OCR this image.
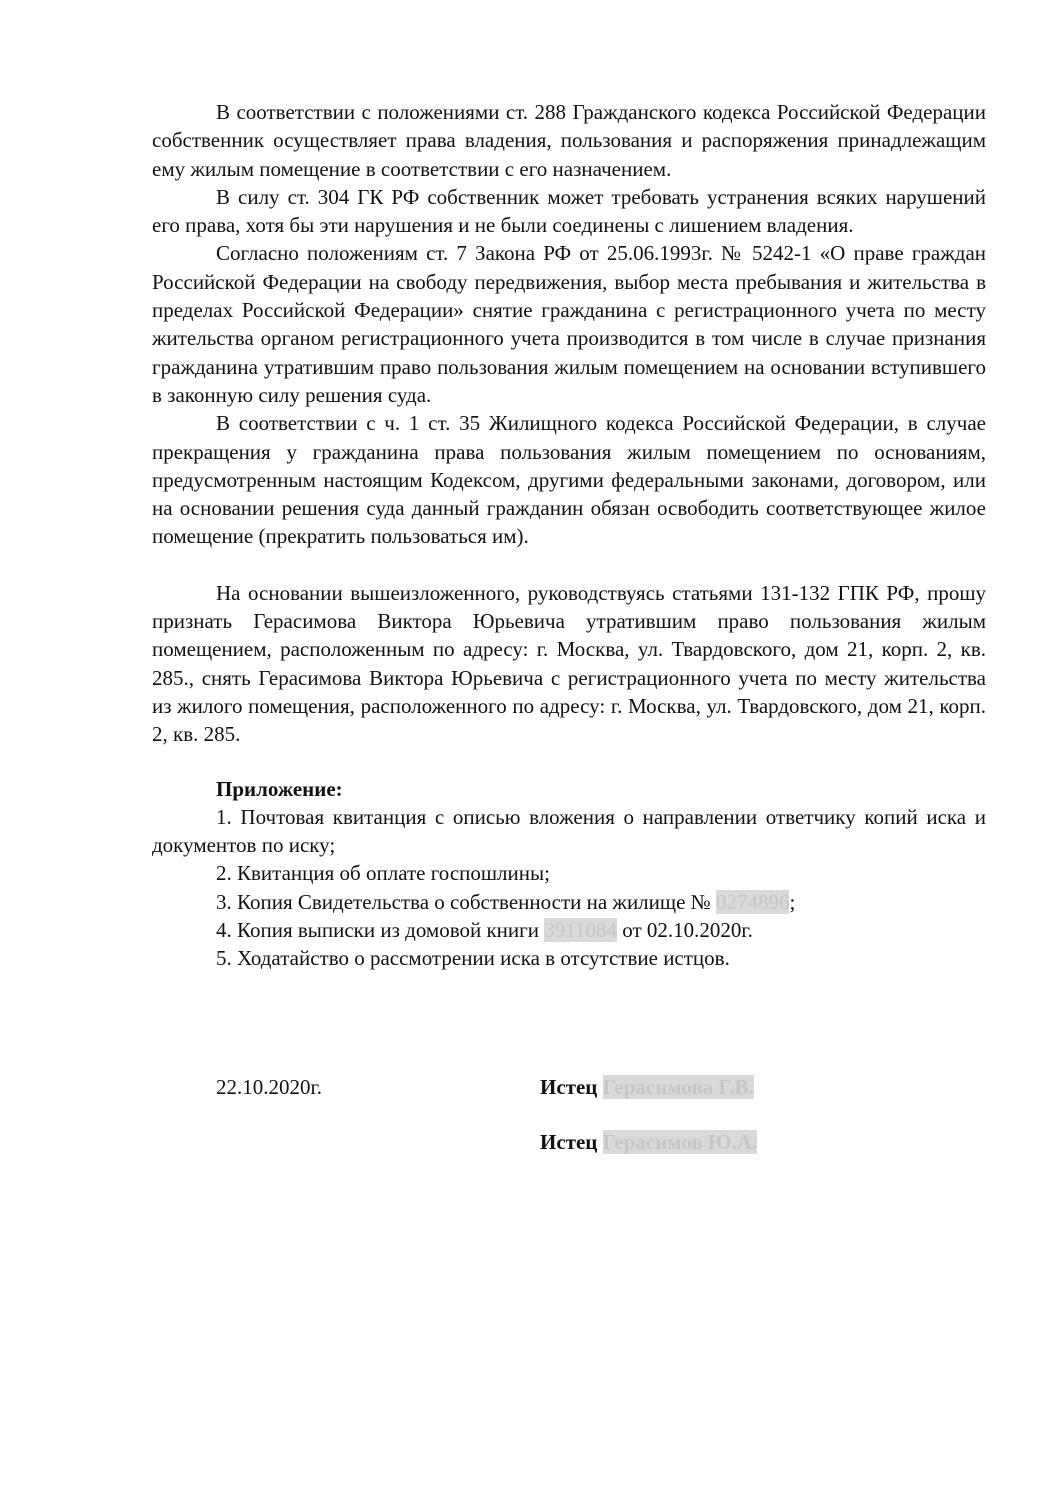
В соответствии с положениями ст. 288 Гражданского кодекса Российской Федерации собственник осуществляет права владения, пользования и распоряжения принадлежащим ему жилым помещение в соответствии с его назначением.

В силу ст. 304 ГК РФ собственник может требовать устранения всяких нарушений его права, хотя бы эти нарушения и не были соединены с лишением владения.

Согласно положениям ст. 7 Закона РФ от 25.06.1993г. № 5242-1 «О праве граждан Российской Федерации на свободу передвижения, выбор места пребывания и жительства в пределах Российской Федерации» снятие гражданина с регистрационного учета по месту жительства органом регистрационного учета производится в том числе в случае признания гражданина утратившим право пользования жилым помещением на основании вступившего в законную силу решения суда.

В соответствии с ч. 1 ст. 35 Жилищного кодекса Российской Федерации, в случае прекращения у гражданина права пользования жилым помещением по основаниям, предусмотренным настоящим Кодексом, другими федеральными законами, договором, или на основании решения суда данный гражданин обязан освободить соответствующее жилое помещение (прекратить пользоваться им).

На основании вышеизложенного, руководствуясь статьями 131-132 ГПК РФ, прошу признать Герасимова Виктора Юрьевича утратившим право пользования жилым помещением, расположенным по адресу: г. Москва, ул. Твардовского, дом 21, корп. 2, кв. 285., снять Герасимова Виктора Юрьевича с регистрационного учета по месту жительства из жилого помещения, расположенного по адресу: г. Москва, ул. Твардовского, дом 21, корп. 2, кв. 285.

Приложение:

1. Почтовая квитанция с описью вложения о направлении ответчику копий иска и документов по иску;

2. Квитанция об оплате госпошлины;

3. Копия Свидетельства о собственности на жилище № 0274896;

4. Копия выписки из домовой книги 3911084 от 02.10.2020г.

5. Ходатайство о рассмотрении иска в отсутствие истцов.

22.10.2020г.	Истец Герасимова Г.В.
Истец Герасимов Ю.А.
